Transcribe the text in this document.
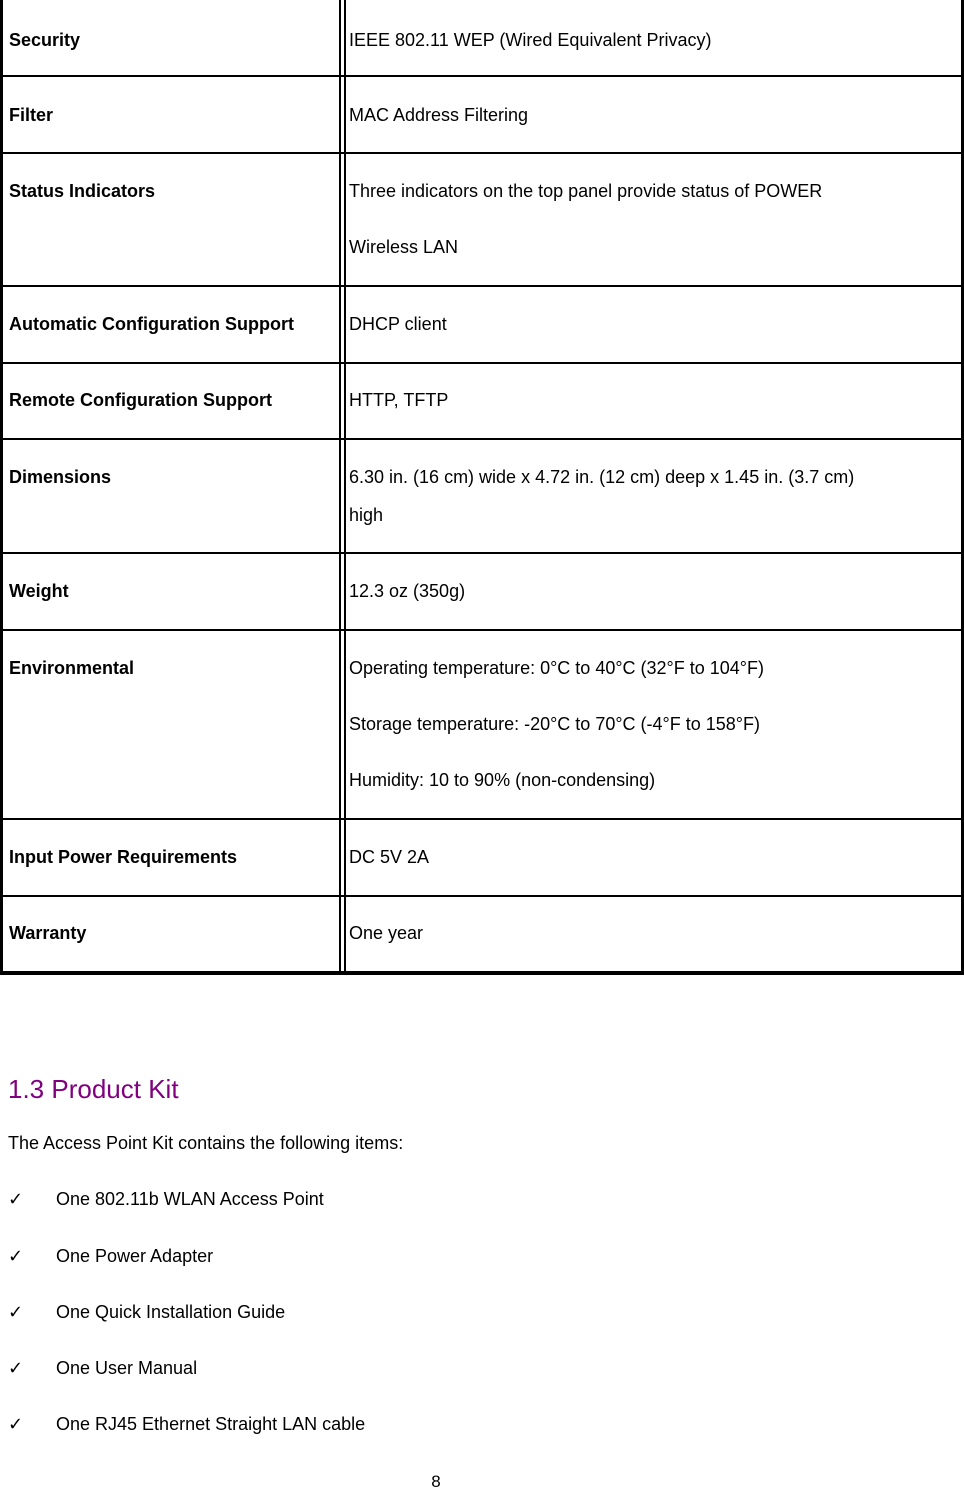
Security	IEEE 802.11 WEP (Wired Equivalent Privacy)
Filter	MAC Address Filtering
Status Indicators	Three indicators on the top panel provide status of POWER
Wireless LAN
Automatic Configuration Support	DHCP client
Remote Configuration Support	HTTP, TFTP
Dimensions	6.30 in. (16 cm) wide x 4.72 in. (12 cm) deep x 1.45 in. (3.7 cm)
high
Weight	12.3 oz (350g)
Environmental	Operating temperature: 0°C to 40°C (32°F to 104°F)
Storage temperature: -20°C to 70°C (-4°F to 158°F)
Humidity: 10 to 90% (non-condensing)
Input Power Requirements	DC 5V 2A
Warranty	One year
1.3 Product Kit
The Access Point Kit contains the following items:
✓ One 802.11b WLAN Access Point
✓ One Power Adapter
✓ One Quick Installation Guide
✓ One User Manual
✓ One RJ45 Ethernet Straight LAN cable
8
